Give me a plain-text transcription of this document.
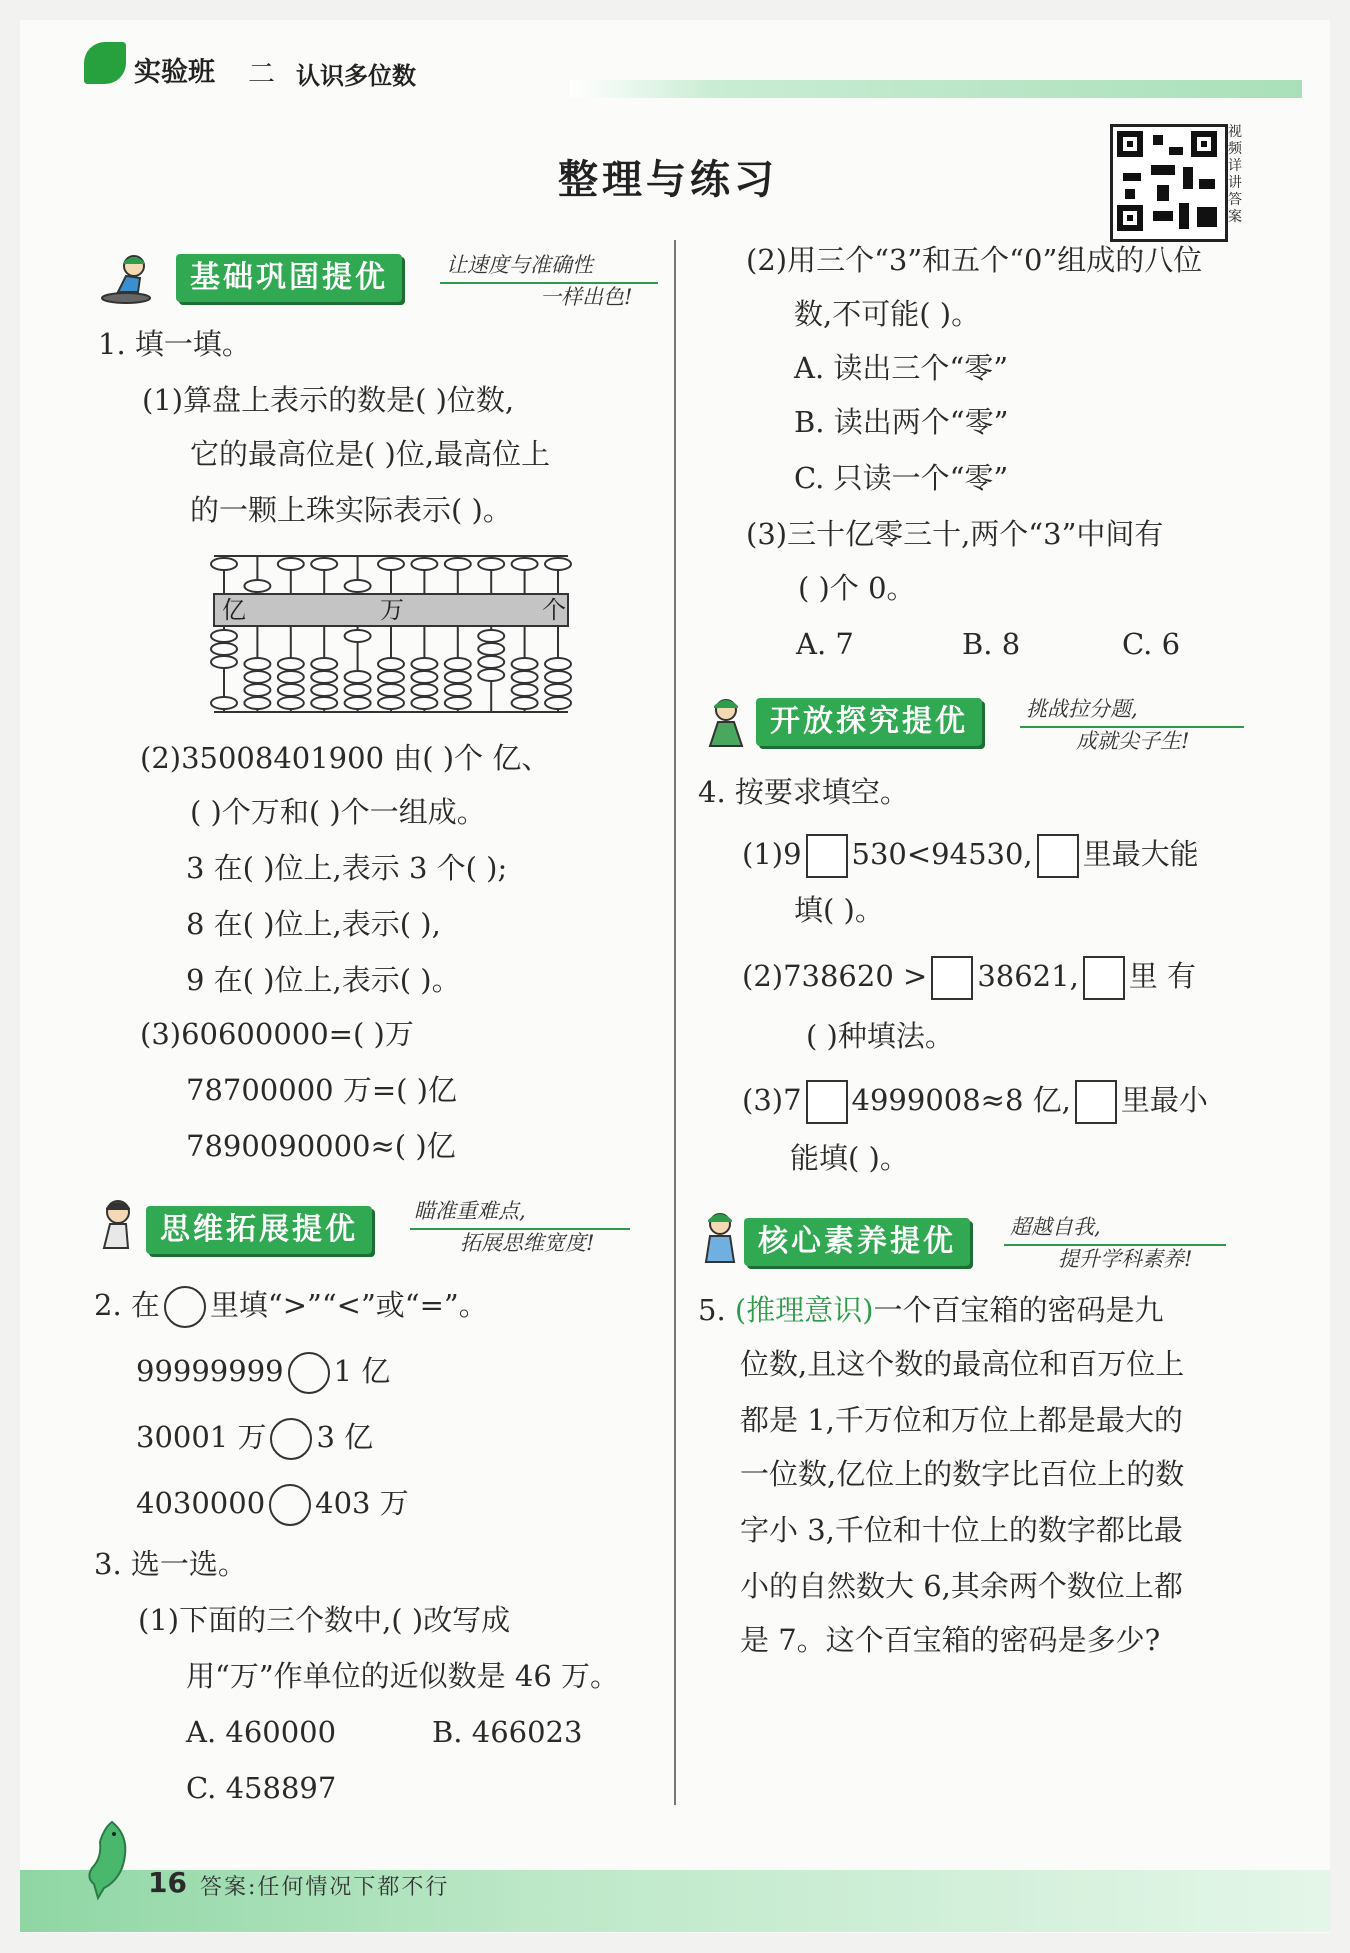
实验班 二 认识多位数
整理与练习
视频详讲答案
基础巩固提优	让速度与准确性
一样出色!
1. 填一填。
(1)算盘上表示的数是( )位数,
它的最高位是( )位,最高位上
的一颗上珠实际表示( )。
亿	万	个
(2)35008401900 由( )个 亿、
( )个万和( )个一组成。
3 在( )位上,表示 3 个( );
8 在( )位上,表示( ),
9 在( )位上,表示( )。
(3)60600000=( )万
78700000 万=( )亿
7890090000≈( )亿
思维拓展提优
瞄准重难点,
拓展思维宽度!
2. 在 里填“>”“<”或“=”。
99999999 1 亿
30001 万 3 亿
4030000 403 万
3. 选一选。
(1)下面的三个数中,( )改写成
用“万”作单位的近似数是 46 万。
A. 460000	B. 466023
C. 458897
(2)用三个“3”和五个“0”组成的八位
数,不可能( )。
A. 读出三个“零”
B. 读出两个“零”
C. 只读一个“零”
(3)三十亿零三十,两个“3”中间有
( )个 0。
A. 7	B. 8	C. 6
开放探究提优	挑战拉分题,
成就尖子生!
4. 按要求填空。
(1)9 530<94530, 里最大能
填( )。
(2)738620 > 38621, 里 有
( )种填法。
(3)7 4999008≈8 亿, 里最小
能填( )。
核心素养提优	超越自我,
提升学科素养!
5. (推理意识)一个百宝箱的密码是九
位数,且这个数的最高位和百万位上
都是 1,千万位和万位上都是最大的
一位数,亿位上的数字比百位上的数
字小 3,千位和十位上的数字都比最
小的自然数大 6,其余两个数位上都
是 7。这个百宝箱的密码是多少?
16 答案:任何情况下都不行
